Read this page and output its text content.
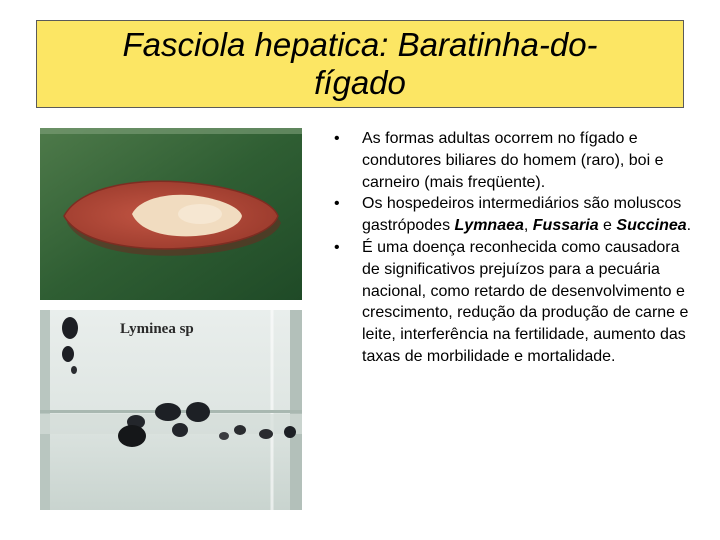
Fasciola hepatica: Baratinha-do-
fígado
Lyminea sp
• As formas adultas ocorrem no fígado e condutores biliares do homem (raro), boi e carneiro (mais freqüente).
• Os hospedeiros intermediários são moluscos gastrópodes Lymnaea, Fussaria e Succinea.
• É uma doença reconhecida como causadora de significativos prejuízos para a pecuária nacional, como retardo de desenvolvimento e crescimento, redução da produção de carne e leite, interferência na fertilidade, aumento das taxas de morbilidade e mortalidade.
